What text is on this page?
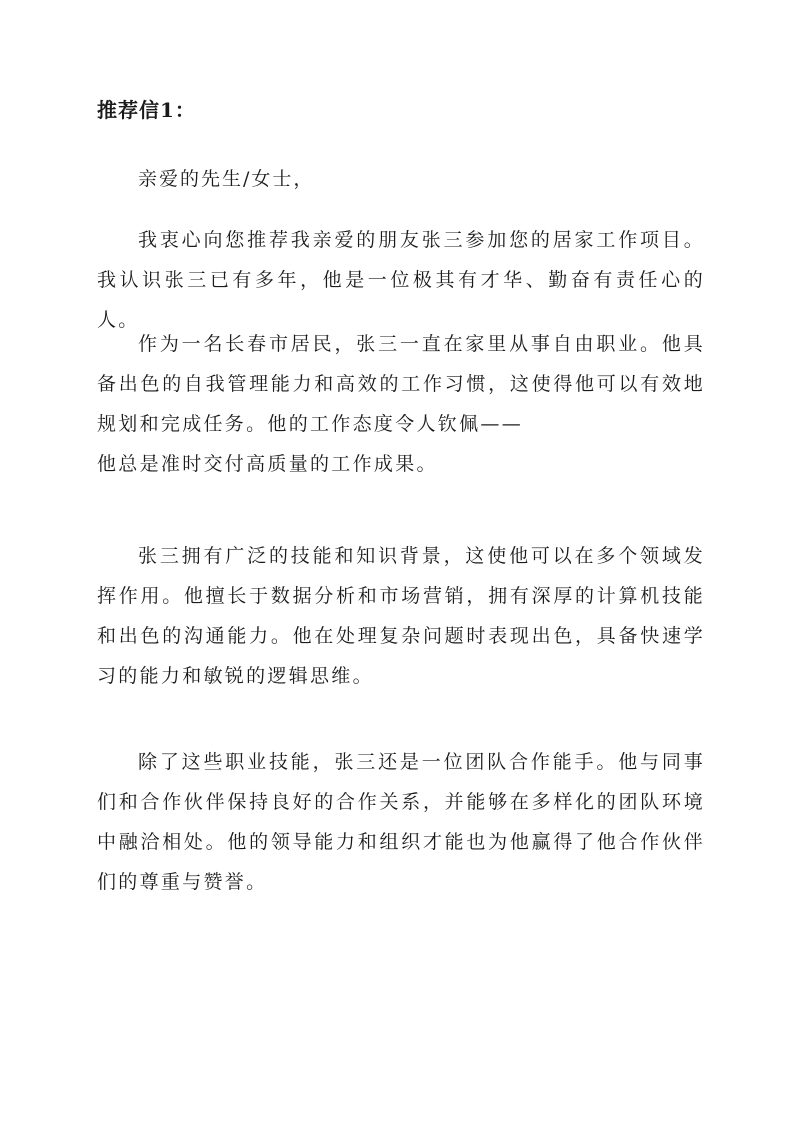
推荐信1：

亲爱的先生/女士，

我衷心向您推荐我亲爱的朋友张三参加您的居家工作项目。我认识张三已有多年，他是一位极其有才华、勤奋有责任心的人。

作为一名长春市居民，张三一直在家里从事自由职业。他具备出色的自我管理能力和高效的工作习惯，这使得他可以有效地规划和完成任务。他的工作态度令人钦佩——
他总是准时交付高质量的工作成果。

张三拥有广泛的技能和知识背景，这使他可以在多个领域发挥作用。他擅长于数据分析和市场营销，拥有深厚的计算机技能和出色的沟通能力。他在处理复杂问题时表现出色，具备快速学习的能力和敏锐的逻辑思维。

除了这些职业技能，张三还是一位团队合作能手。他与同事们和合作伙伴保持良好的合作关系，并能够在多样化的团队环境中融洽相处。他的领导能力和组织才能也为他赢得了他合作伙伴们的尊重与赞誉。
